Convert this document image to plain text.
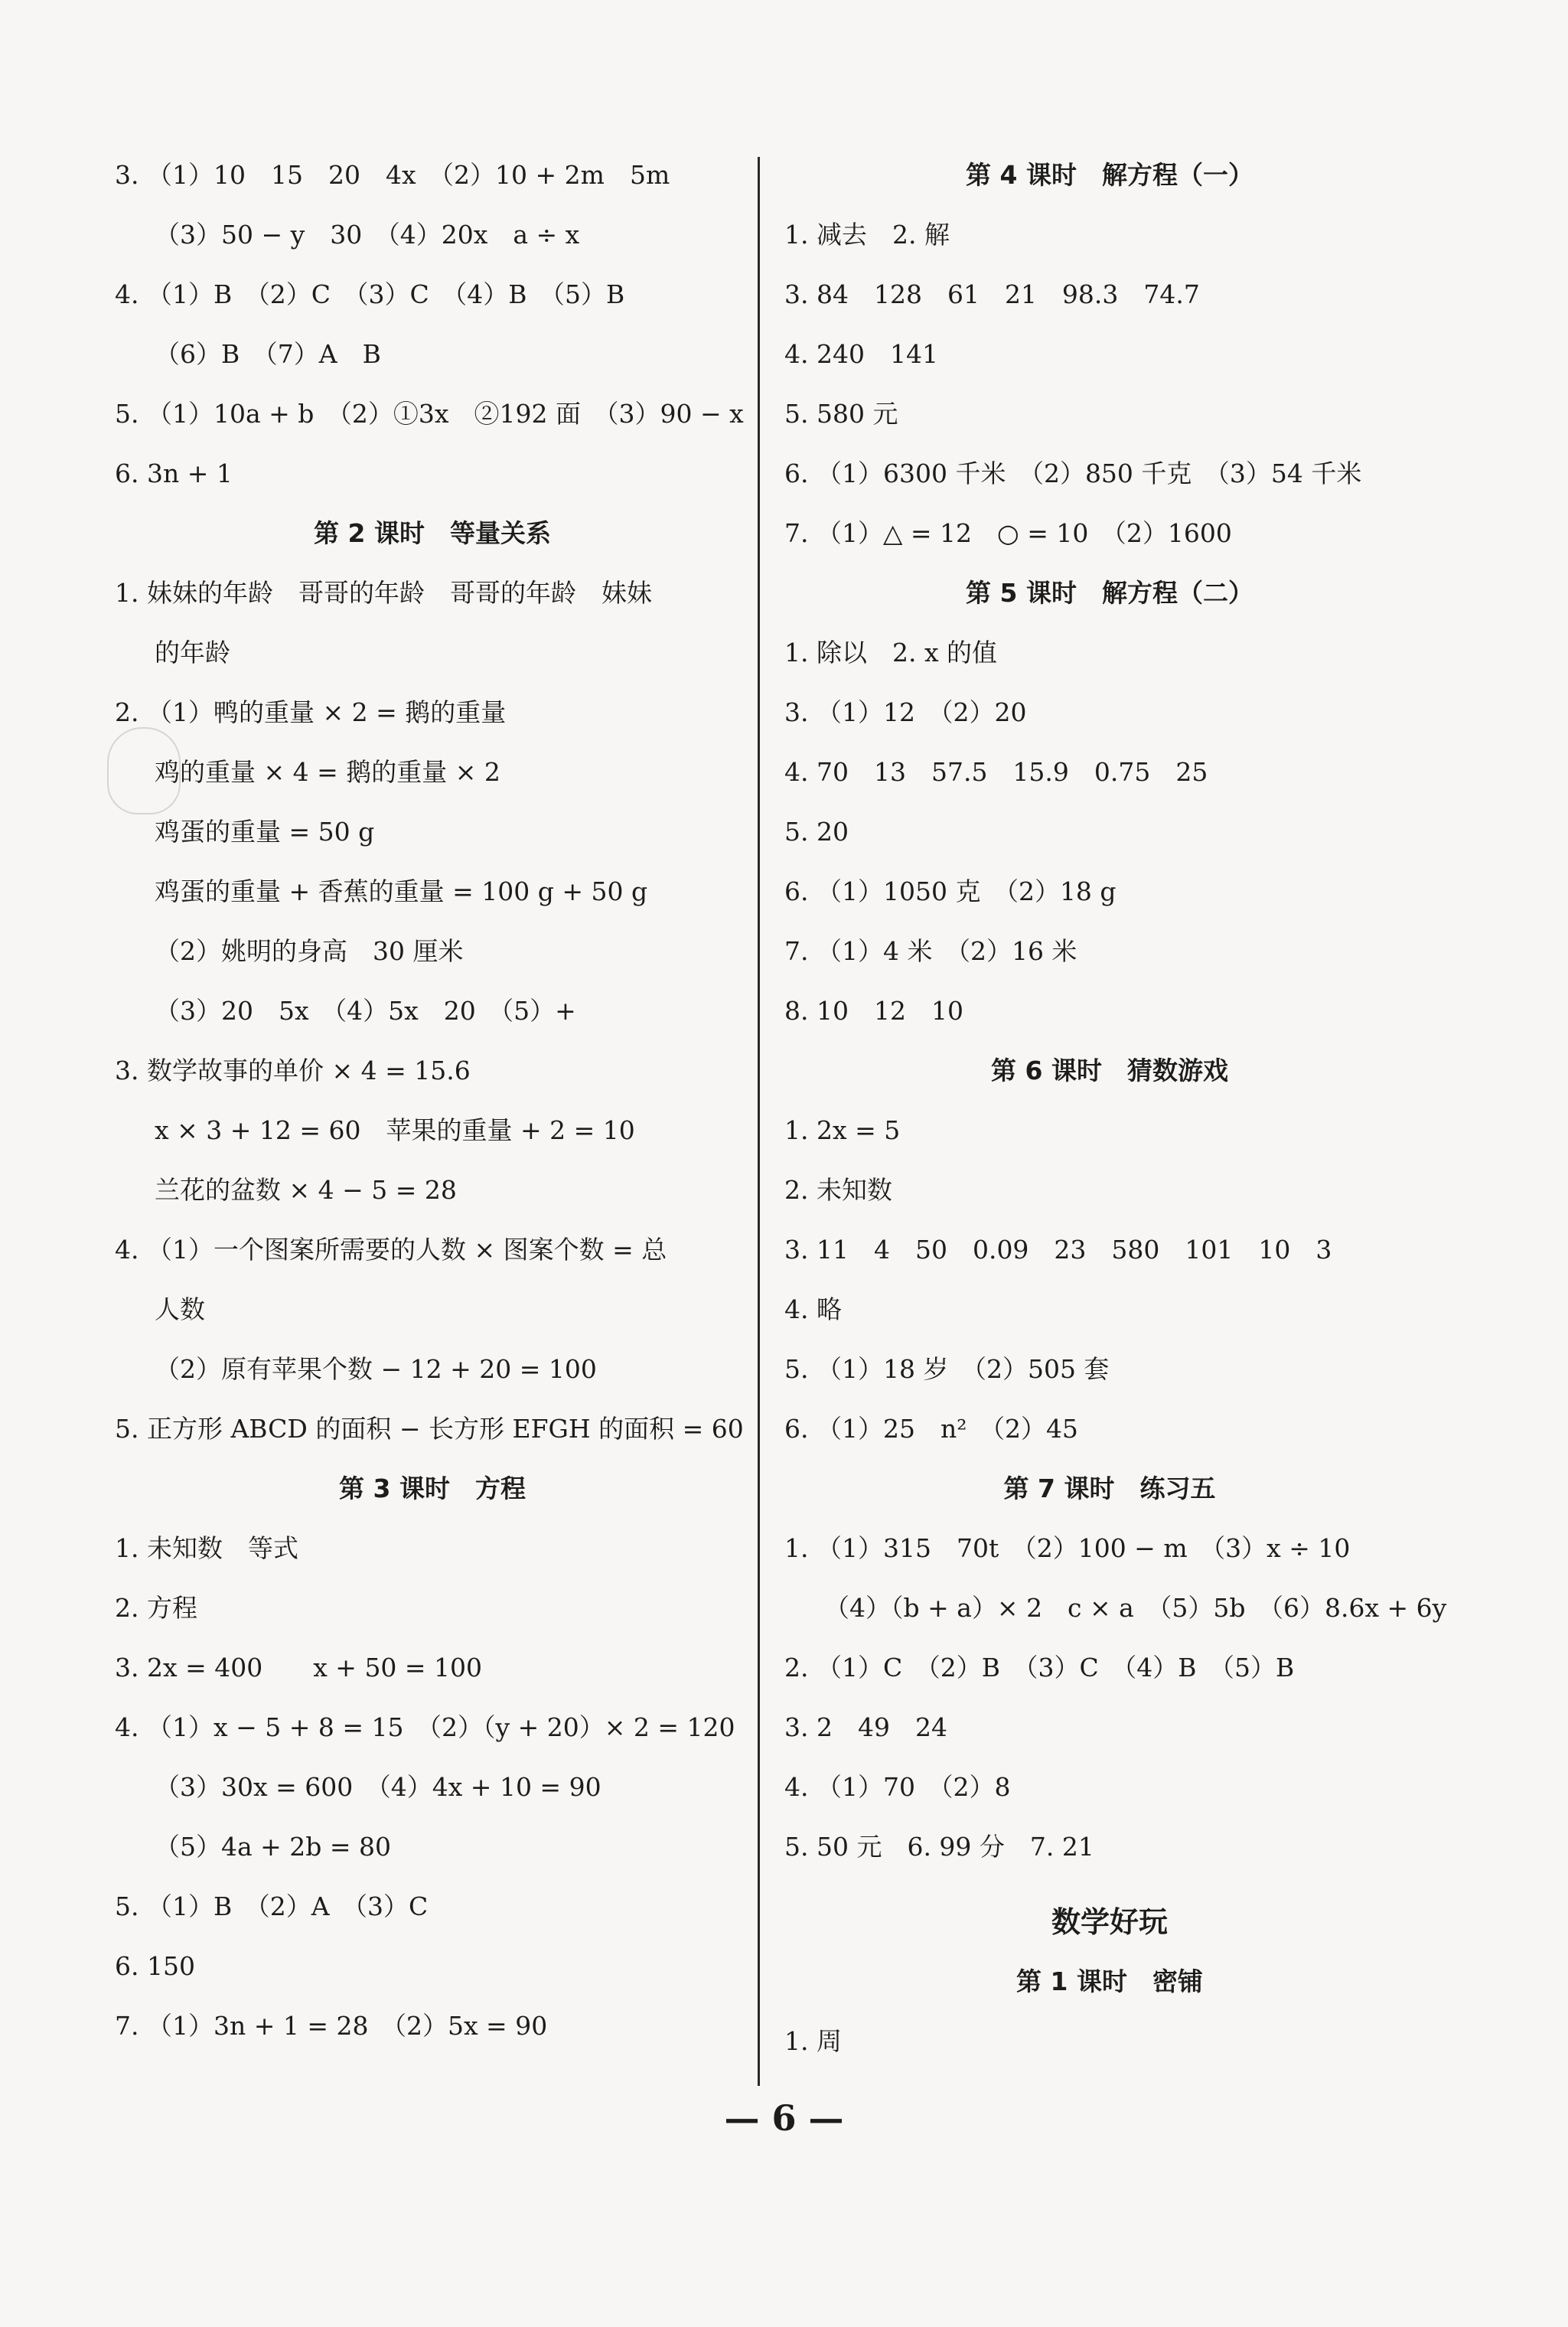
3. （1）10　15　20　4x　（2）10 + 2m　5m
（3）50 − y　30　（4）20x　a ÷ x
4. （1）B　（2）C　（3）C　（4）B　（5）B
（6）B　（7）A　B
5. （1）10a + b　（2）①3x　②192 面　（3）90 − x
6. 3n + 1
第 2 课时　等量关系
1. 妹妹的年龄　哥哥的年龄　哥哥的年龄　妹妹
的年龄
2. （1）鸭的重量 × 2 = 鹅的重量
鸡的重量 × 4 = 鹅的重量 × 2
鸡蛋的重量 = 50 g
鸡蛋的重量 + 香蕉的重量 = 100 g + 50 g
（2）姚明的身高　30 厘米
（3）20　5x　（4）5x　20　（5）+
3. 数学故事的单价 × 4 = 15.6
x × 3 + 12 = 60　苹果的重量 + 2 = 10
兰花的盆数 × 4 − 5 = 28
4. （1）一个图案所需要的人数 × 图案个数 = 总
人数
（2）原有苹果个数 − 12 + 20 = 100
5. 正方形 ABCD 的面积 − 长方形 EFGH 的面积 = 60
第 3 课时　方程
1. 未知数　等式
2. 方程
3. 2x = 400　　x + 50 = 100
4. （1）x − 5 + 8 = 15　（2）（y + 20）× 2 = 120
（3）30x = 600　（4）4x + 10 = 90
（5）4a + 2b = 80
5. （1）B　（2）A　（3）C
6. 150
7. （1）3n + 1 = 28　（2）5x = 90
第 4 课时　解方程（一）
1. 减去　2. 解
3. 84　128　61　21　98.3　74.7
4. 240　141
5. 580 元
6. （1）6300 千米　（2）850 千克　（3）54 千米
7. （1）△ = 12　○ = 10　（2）1600
第 5 课时　解方程（二）
1. 除以　2. x 的值
3. （1）12　（2）20
4. 70　13　57.5　15.9　0.75　25
5. 20
6. （1）1050 克　（2）18 g
7. （1）4 米　（2）16 米
8. 10　12　10
第 6 课时　猜数游戏
1. 2x = 5
2. 未知数
3. 11　4　50　0.09　23　580　101　10　3
4. 略
5. （1）18 岁　（2）505 套
6. （1）25　n²　（2）45
第 7 课时　练习五
1. （1）315　70t　（2）100 − m　（3）x ÷ 10
（4）（b + a）× 2　c × a　（5）5b　（6）8.6x + 6y
2. （1）C　（2）B　（3）C　（4）B　（5）B
3. 2　49　24
4. （1）70　（2）8
5. 50 元　6. 99 分　7. 21
数学好玩
第 1 课时　密铺
1. 周
— 6 —
